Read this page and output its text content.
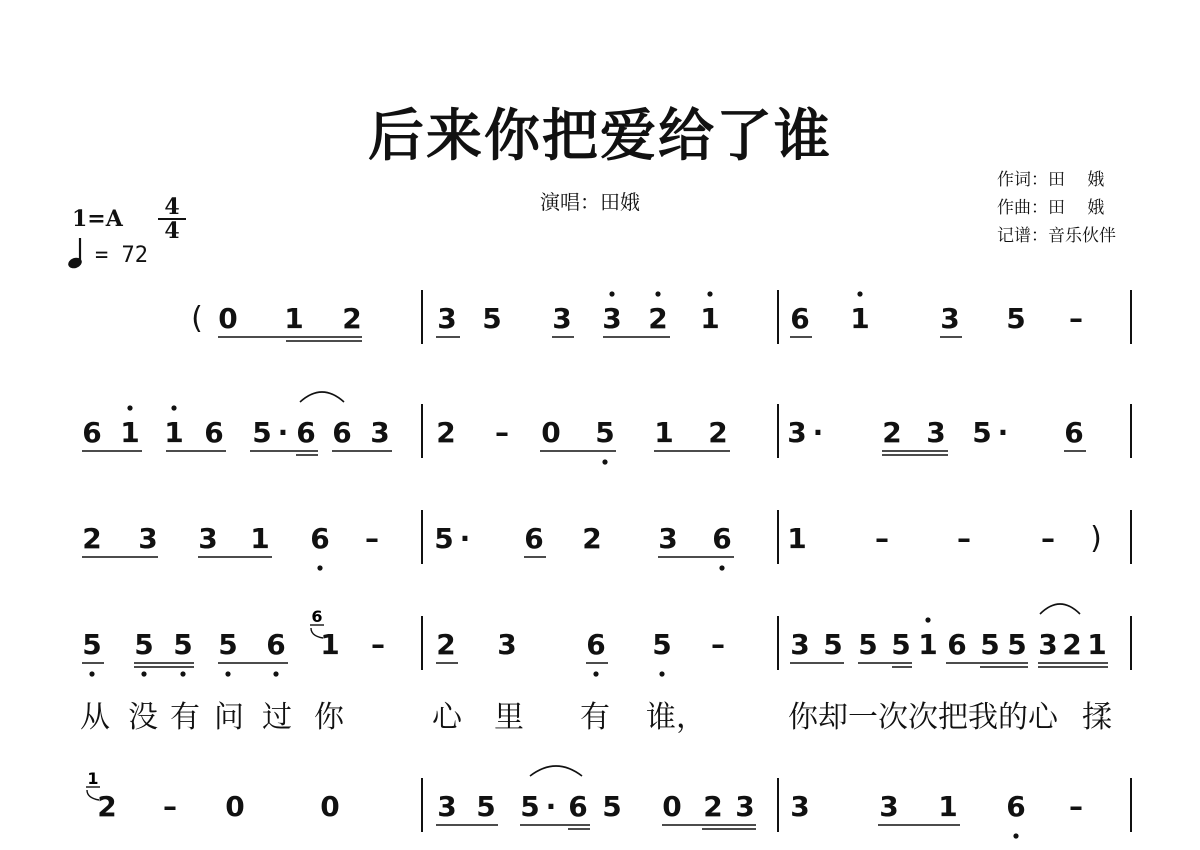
后来你把爱给了谁
演唱：田娥
作词：田　 娥
作曲：田　 娥
记谱：音乐伙伴
1=A 4
4
= 72
( 0 1 2	3 5 3 3 2 1	6 1	3 5 –
6 1 1 6 5 · 6 6 3 2 – 0 5 1 2 3 · 2 3 5 · 6
2 3 3 1 6 – 5 · 6 2 3 6 1 – –	– )
5 5 5 5 6 1 – 2 3 6 5 – 3 5 5 5 1 6 5 5 3 2 1
2 – 0	0	3 5 5 · 6 5 0 2 3 3 3 1 6 –
6
1
从 没 有 问 过 你	心 里 有 谁，	你却一次次把我的心 揉
